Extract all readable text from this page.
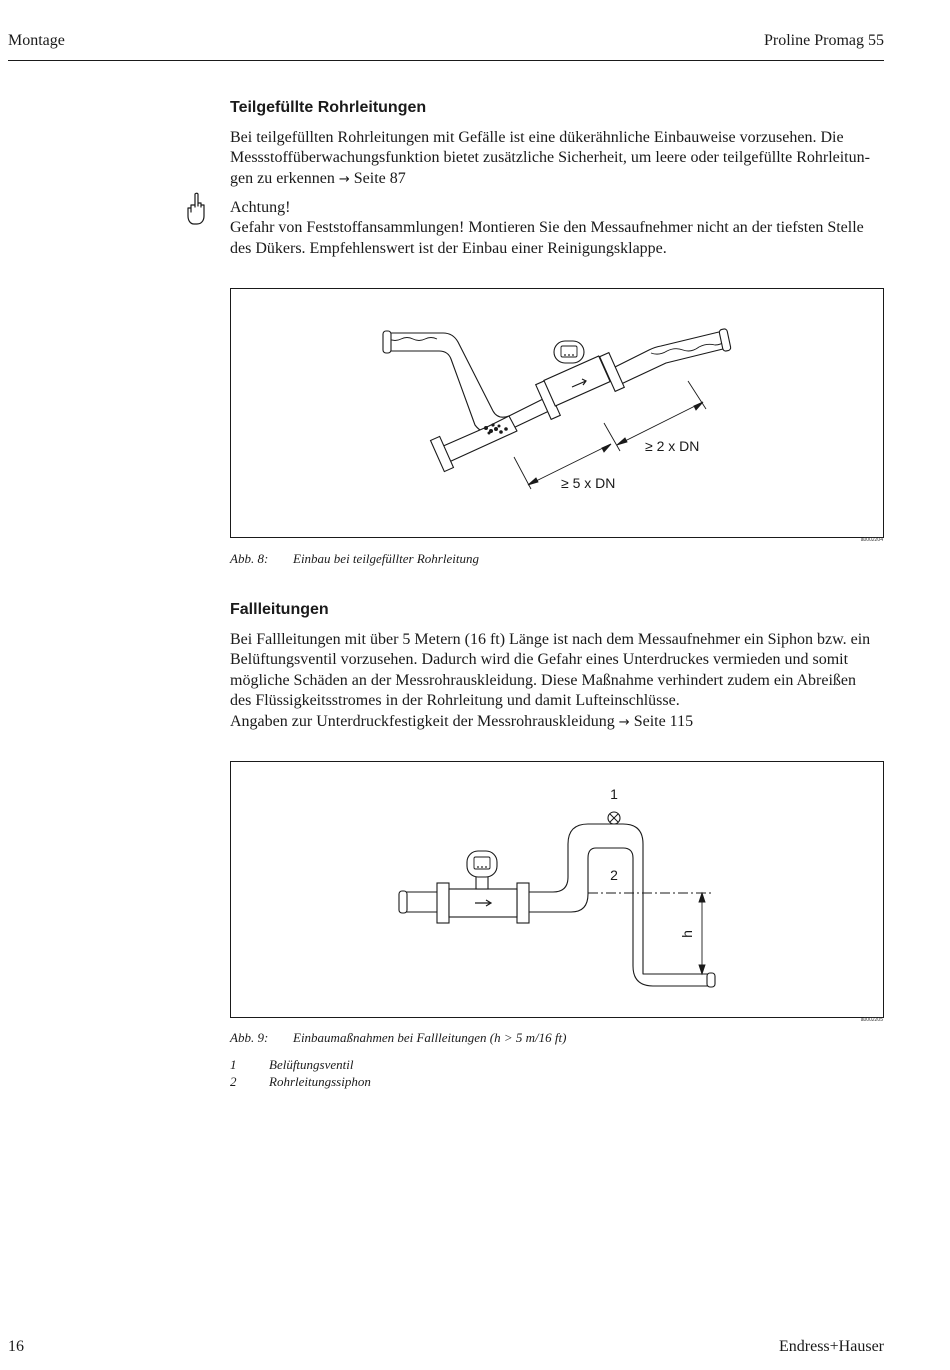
Montage	Proline Promag 55
Teilgefüllte Rohrleitungen

Bei teilgefüllten Rohrleitungen mit Gefälle ist eine dükerähnliche Einbauweise vorzusehen. Die

Messstoffüberwachungsfunktion bietet zusätzliche Sicherheit, um leere oder teilgefüllte Rohrleitun-

gen zu erkennen → Seite 87

Achtung!

Gefahr von Feststoffansammlungen! Montieren Sie den Messaufnehmer nicht an der tiefsten Stelle

des Dükers. Empfehlenswert ist der Einbau einer Reinigungsklappe.

≥ 2 x DN
≥ 5 x DN
a0002204
Abb. 8: Einbau bei teilgefüllter Rohrleitung
Fallleitungen

Bei Fallleitungen mit über 5 Metern (16 ft) Länge ist nach dem Messaufnehmer ein Siphon bzw. ein

Belüftungsventil vorzusehen. Dadurch wird die Gefahr eines Unterdruckes vermieden und somit

mögliche Schäden an der Messrohrauskleidung. Diese Maßnahme verhindert zudem ein Abreißen

des Flüssigkeitsstromes in der Rohrleitung und damit Lufteinschlüsse.

Angaben zur Unterdruckfestigkeit der Messrohrauskleidung → Seite 115

1
2
h
a0002205
Abb. 9: Einbaumaßnahmen bei Fallleitungen (h > 5 m/16 ft)
1	Belüftungsventil
2	Rohrleitungssiphon
16	Endress+Hauser
